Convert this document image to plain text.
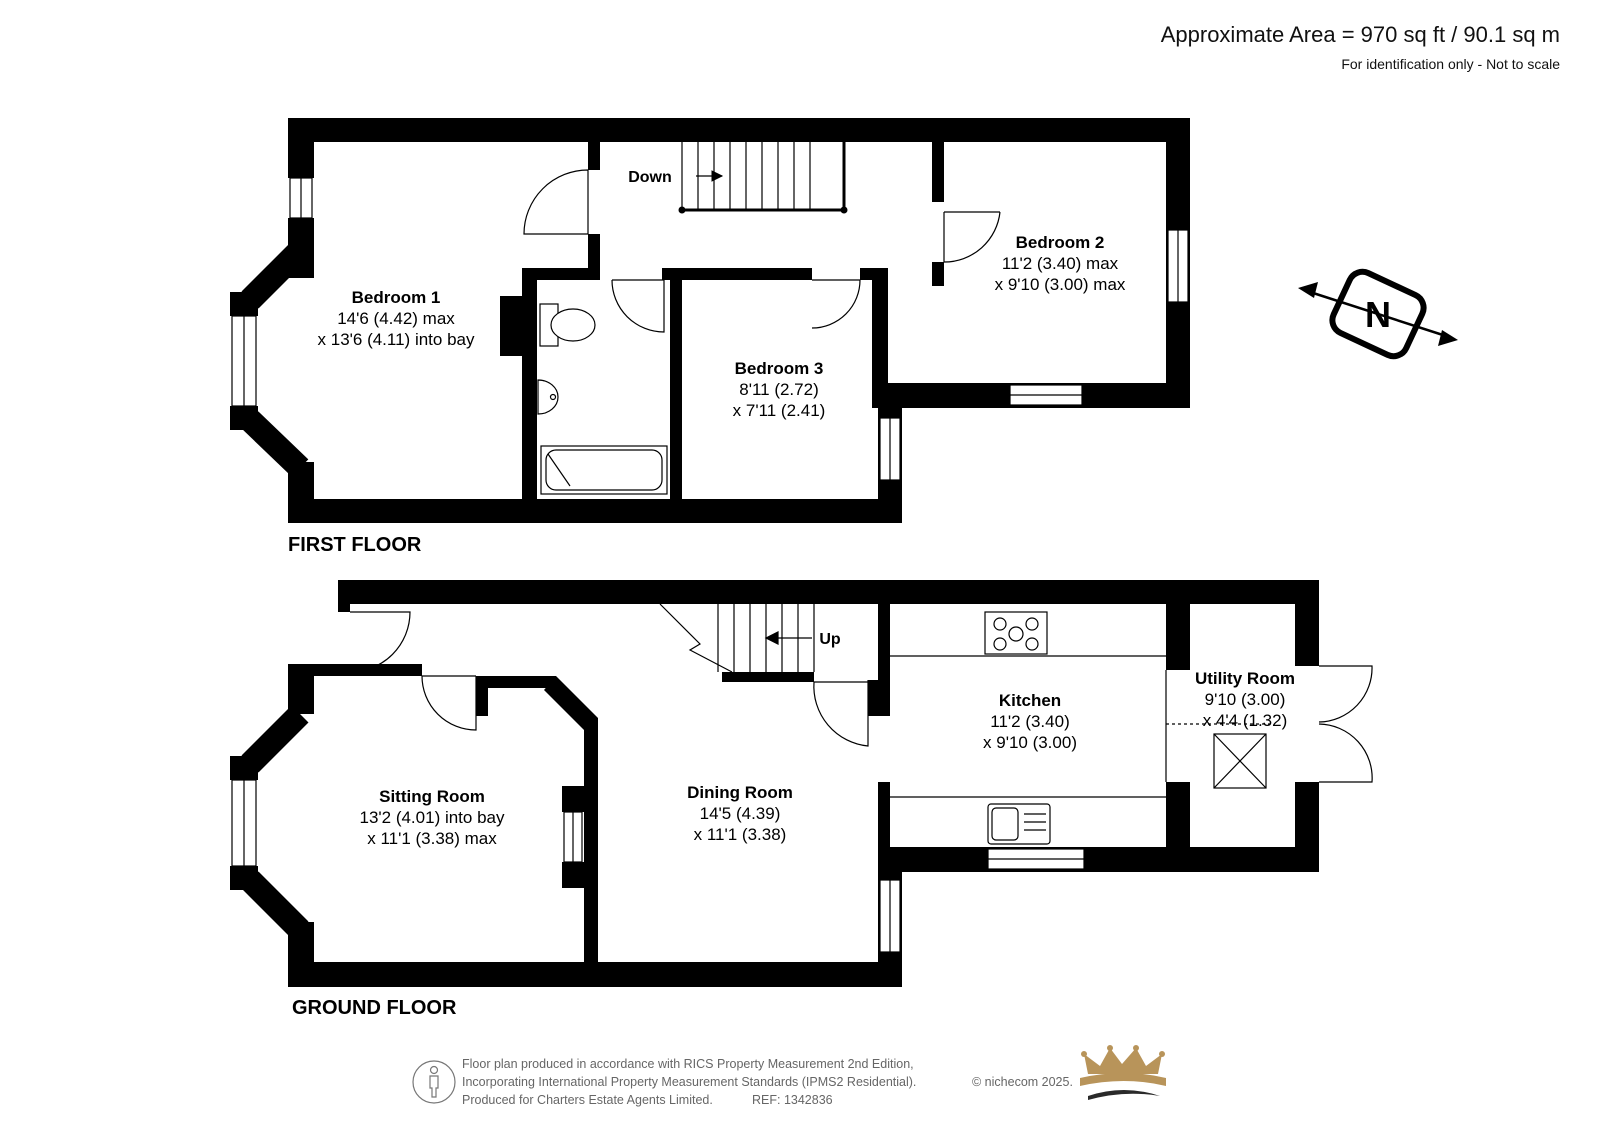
Approximate Area = 970 sq ft / 90.1 sq m
For identification only - Not to scale
FIRST FLOOR
Down
Bedroom 1
14'6 (4.42) max
x 13'6 (4.11) into bay
Bedroom 2
11'2 (3.40) max
x 9'10 (3.00) max
Bedroom 3
8'11 (2.72)
x 7'11 (2.41)
N
GROUND FLOOR
Up
Sitting Room
13'2 (4.01) into bay
x 11'1 (3.38) max
Dining Room
14'5 (4.39)
x 11'1 (3.38)
Kitchen
11'2 (3.40)
x 9'10 (3.00)
Utility Room
9'10 (3.00)
x 4'4 (1.32)
Floor plan produced in accordance with RICS Property Measurement 2nd Edition,
Incorporating International Property Measurement Standards (IPMS2 Residential).	© nichecom 2025.
Produced for Charters Estate Agents Limited.	REF: 1342836
